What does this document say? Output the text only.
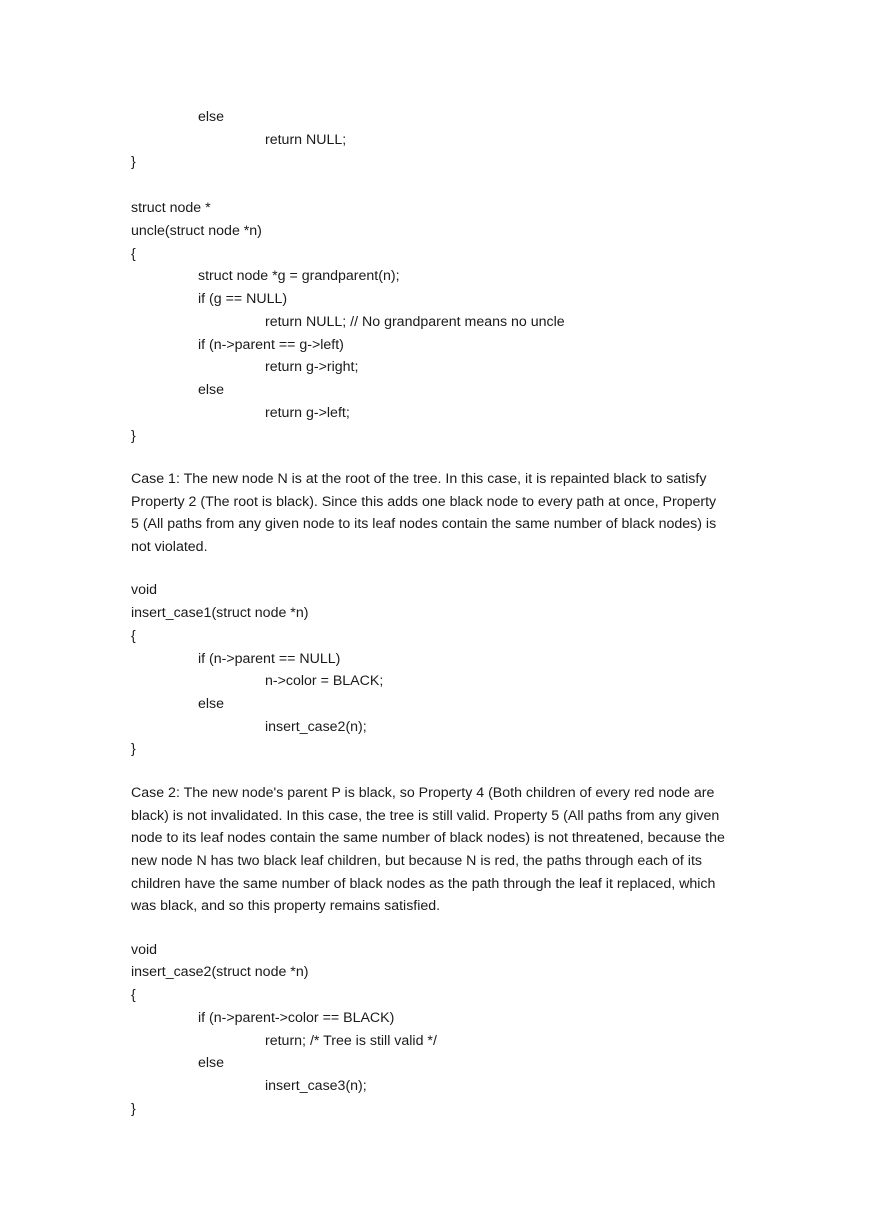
else
return NULL;
}
struct node *
uncle(struct node *n)
{
struct node *g = grandparent(n);
if (g == NULL)
return NULL; // No grandparent means no uncle
if (n->parent == g->left)
return g->right;
else
return g->left;
}
Case 1: The new node N is at the root of the tree. In this case, it is repainted black to satisfy
Property 2 (The root is black). Since this adds one black node to every path at once, Property
5 (All paths from any given node to its leaf nodes contain the same number of black nodes) is
not violated.
void
insert_case1(struct node *n)
{
if (n->parent == NULL)
n->color = BLACK;
else
insert_case2(n);
}
Case 2: The new node's parent P is black, so Property 4 (Both children of every red node are
black) is not invalidated. In this case, the tree is still valid. Property 5 (All paths from any given
node to its leaf nodes contain the same number of black nodes) is not threatened, because the
new node N has two black leaf children, but because N is red, the paths through each of its
children have the same number of black nodes as the path through the leaf it replaced, which
was black, and so this property remains satisfied.
void
insert_case2(struct node *n)
{
if (n->parent->color == BLACK)
return; /* Tree is still valid */
else
insert_case3(n);
}
